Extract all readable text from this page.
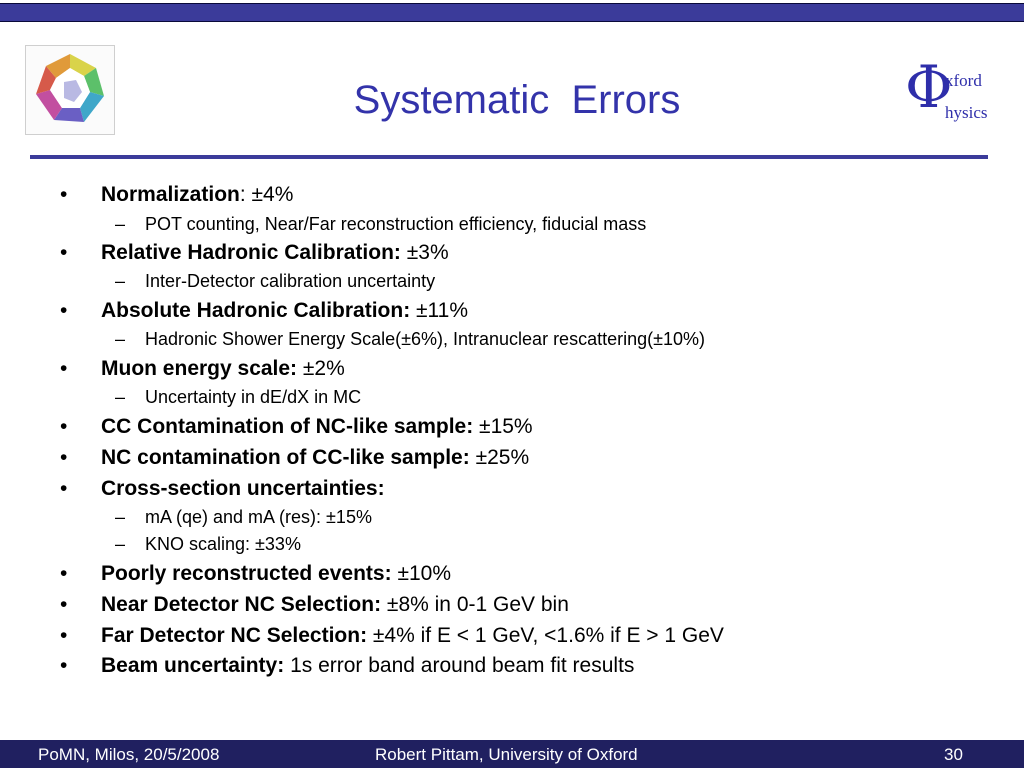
Systematic  Errors	Φ
xford
hysics
• Normalization: ±4%
– POT counting, Near/Far reconstruction efficiency, fiducial mass
• Relative Hadronic Calibration: ±3%
– Inter-Detector calibration uncertainty
• Absolute Hadronic Calibration: ±11%
– Hadronic Shower Energy Scale(±6%), Intranuclear rescattering(±10%)
• Muon energy scale: ±2%
– Uncertainty in dE/dX in MC
• CC Contamination of NC-like sample: ±15%
• NC contamination of CC-like sample: ±25%
• Cross-section uncertainties:
– mA (qe) and mA (res): ±15%
– KNO scaling: ±33%
• Poorly reconstructed events: ±10%
• Near Detector NC Selection: ±8% in 0-1 GeV bin
• Far Detector NC Selection: ±4% if E < 1 GeV, <1.6% if E > 1 GeV
• Beam uncertainty: 1s error band around beam fit results
PoMN, Milos, 20/5/2008	Robert Pittam, University of Oxford	30
